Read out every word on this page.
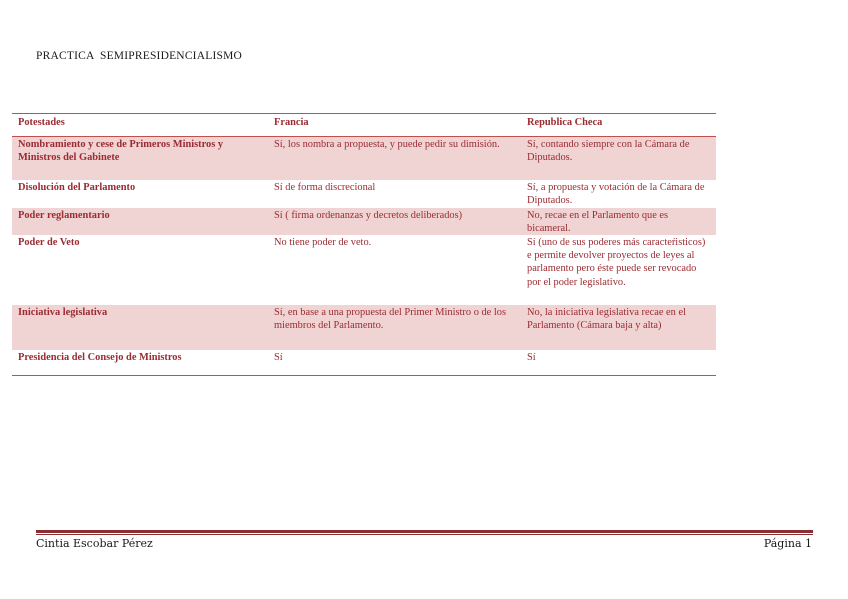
PRACTICA  SEMIPRESIDENCIALISMO
Potestades	Francia	Republica Checa
Nombramiento y cese de Primeros Ministros y Ministros del Gabinete	Sí, los nombra a propuesta, y puede pedir su dimisión.	Sí, contando siempre con la Cámara de Diputados.
Disolución del Parlamento	Sí de forma discrecional	Sí, a propuesta y votación de la Cámara de Diputados.
Poder reglamentario	Sí ( firma ordenanzas y decretos deliberados)	No, recae en el Parlamento que es bicameral.
Poder de Veto	No tiene poder de veto.	Sí (uno de sus poderes más caracteŕisticos) e permite devolver proyectos de leyes al parlamento pero éste puede ser revocado por el poder legislativo.
Iniciativa legislativa	Sí, en base a una propuesta del Primer Ministro o de los miembros del Parlamento.	No, la iniciativa legislativa recae en el Parlamento (Cámara baja y alta)
Presidencia del Consejo de Ministros	Sí	Sí
Cintia Escobar Pérez	Página 1
